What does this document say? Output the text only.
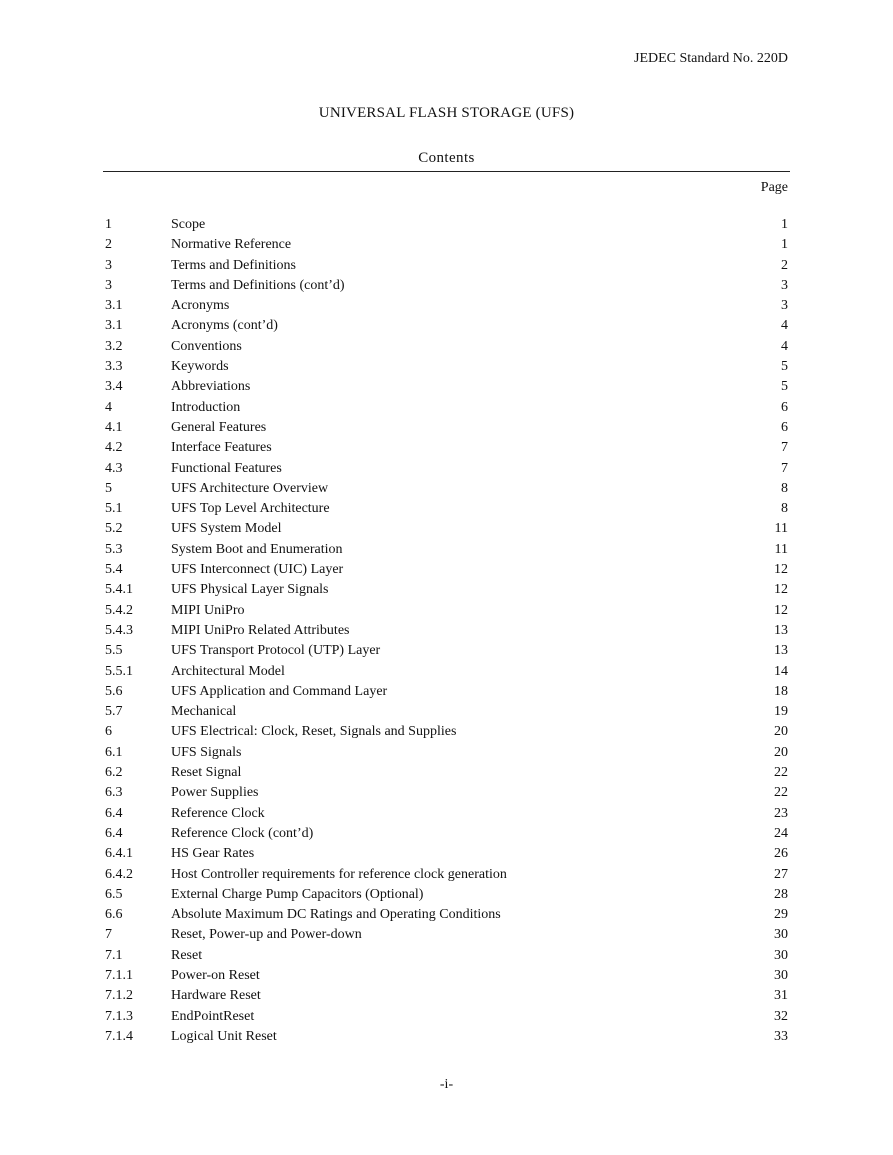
JEDEC Standard No. 220D
UNIVERSAL FLASH STORAGE (UFS)
Contents
Page
1	Scope	1
2	Normative Reference	1
3	Terms and Definitions	2
3	Terms and Definitions (cont’d)	3
3.1	Acronyms	3
3.1	Acronyms (cont’d)	4
3.2	Conventions	4
3.3	Keywords	5
3.4	Abbreviations	5
4	Introduction	6
4.1	General Features	6
4.2	Interface Features	7
4.3	Functional Features	7
5	UFS Architecture Overview	8
5.1	UFS Top Level Architecture	8
5.2	UFS System Model	11
5.3	System Boot and Enumeration	11
5.4	UFS Interconnect (UIC) Layer	12
5.4.1	UFS Physical Layer Signals	12
5.4.2	MIPI UniPro	12
5.4.3	MIPI UniPro Related Attributes	13
5.5	UFS Transport Protocol (UTP) Layer	13
5.5.1	Architectural Model	14
5.6	UFS Application and Command Layer	18
5.7	Mechanical	19
6	UFS Electrical: Clock, Reset, Signals and Supplies	20
6.1	UFS Signals	20
6.2	Reset Signal	22
6.3	Power Supplies	22
6.4	Reference Clock	23
6.4	Reference Clock (cont’d)	24
6.4.1	HS Gear Rates	26
6.4.2	Host Controller requirements for reference clock generation	27
6.5	External Charge Pump Capacitors (Optional)	28
6.6	Absolute Maximum DC Ratings and Operating Conditions	29
7	Reset, Power-up and Power-down	30
7.1	Reset	30
7.1.1	Power-on Reset	30
7.1.2	Hardware Reset	31
7.1.3	EndPointReset	32
7.1.4	Logical Unit Reset	33
-i-
